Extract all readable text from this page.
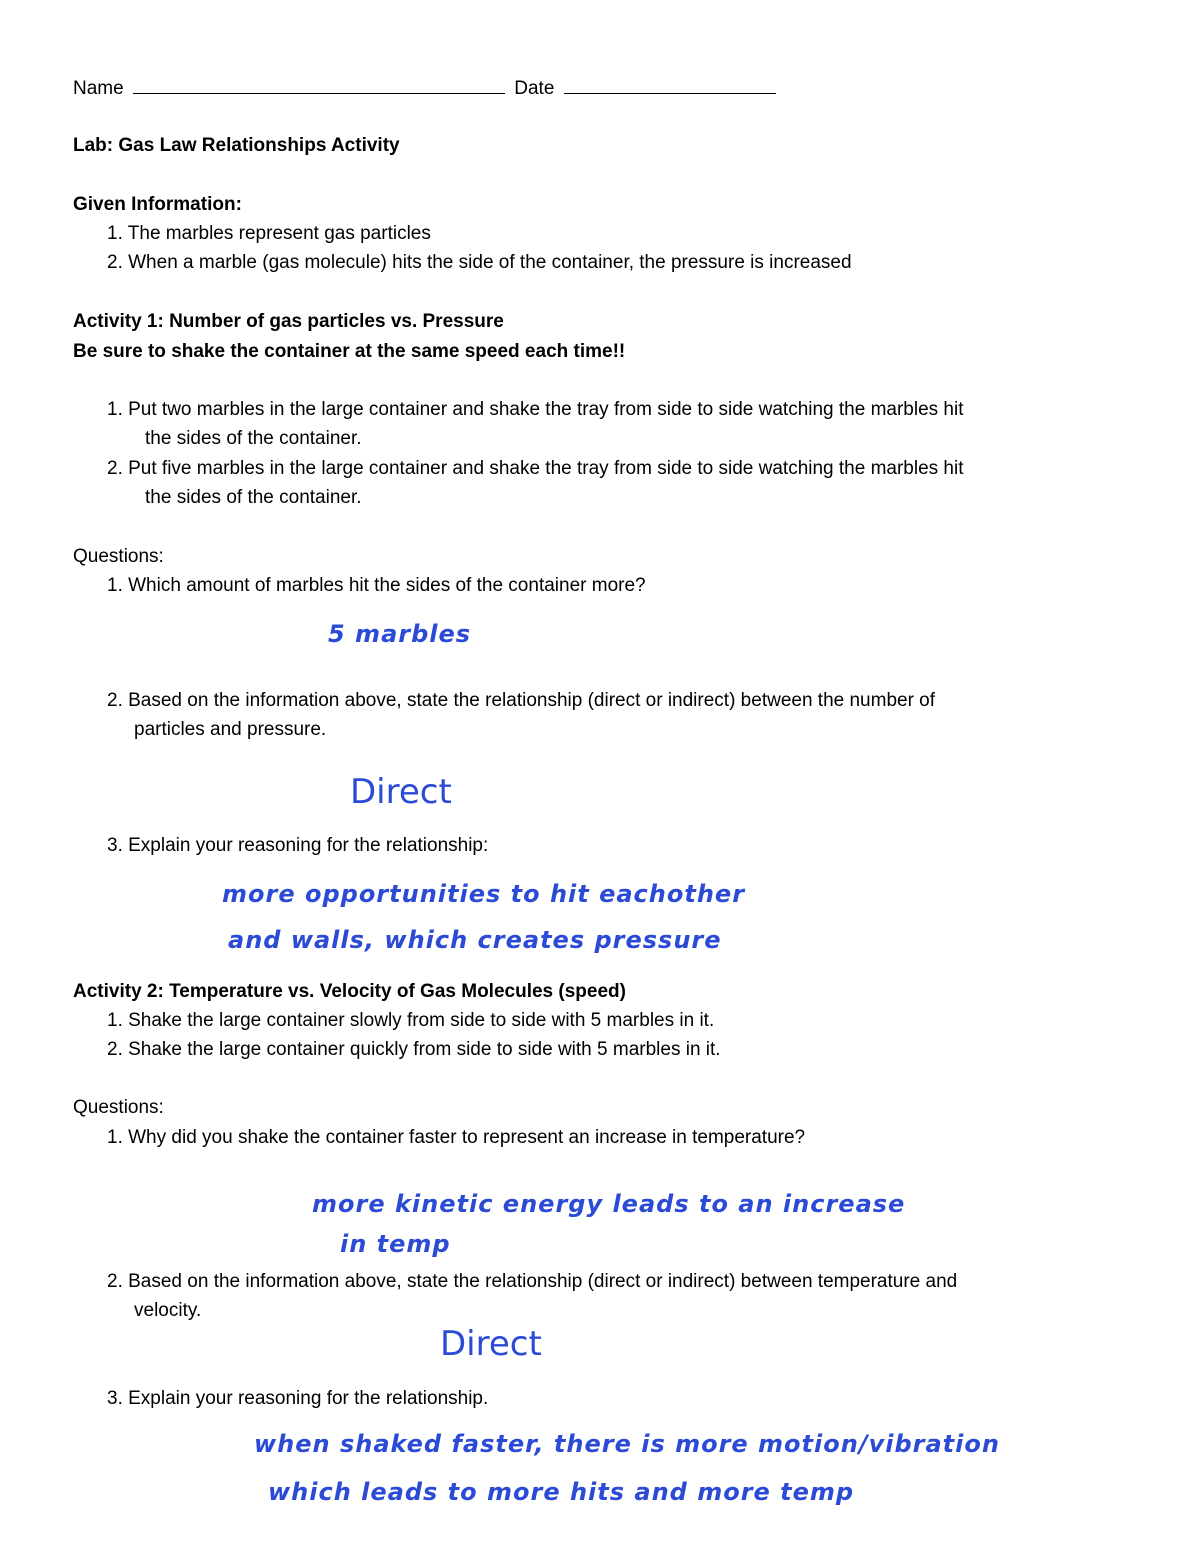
Name	Date
Lab: Gas Law Relationships Activity
Given Information:
1. The marbles represent gas particles
2. When a marble (gas molecule) hits the side of the container, the pressure is increased
Activity 1: Number of gas particles vs. Pressure
Be sure to shake the container at the same speed each time!!
1. Put two marbles in the large container and shake the tray from side to side watching the marbles hit
the sides of the container.
2. Put five marbles in the large container and shake the tray from side to side watching the marbles hit
the sides of the container.
Questions:
1. Which amount of marbles hit the sides of the container more?
5 marbles
2. Based on the information above, state the relationship (direct or indirect) between the number of
particles and pressure.
Direct
3. Explain your reasoning for the relationship:
more opportunities to hit eachother
and walls, which creates pressure
Activity 2: Temperature vs. Velocity of Gas Molecules (speed)
1. Shake the large container slowly from side to side with 5 marbles in it.
2. Shake the large container quickly from side to side with 5 marbles in it.
Questions:
1. Why did you shake the container faster to represent an increase in temperature?
more kinetic energy leads to an increase
in temp
2. Based on the information above, state the relationship (direct or indirect) between temperature and
velocity.
Direct
3. Explain your reasoning for the relationship.
when shaked faster, there is more motion/vibration
which leads to more hits and more temp
